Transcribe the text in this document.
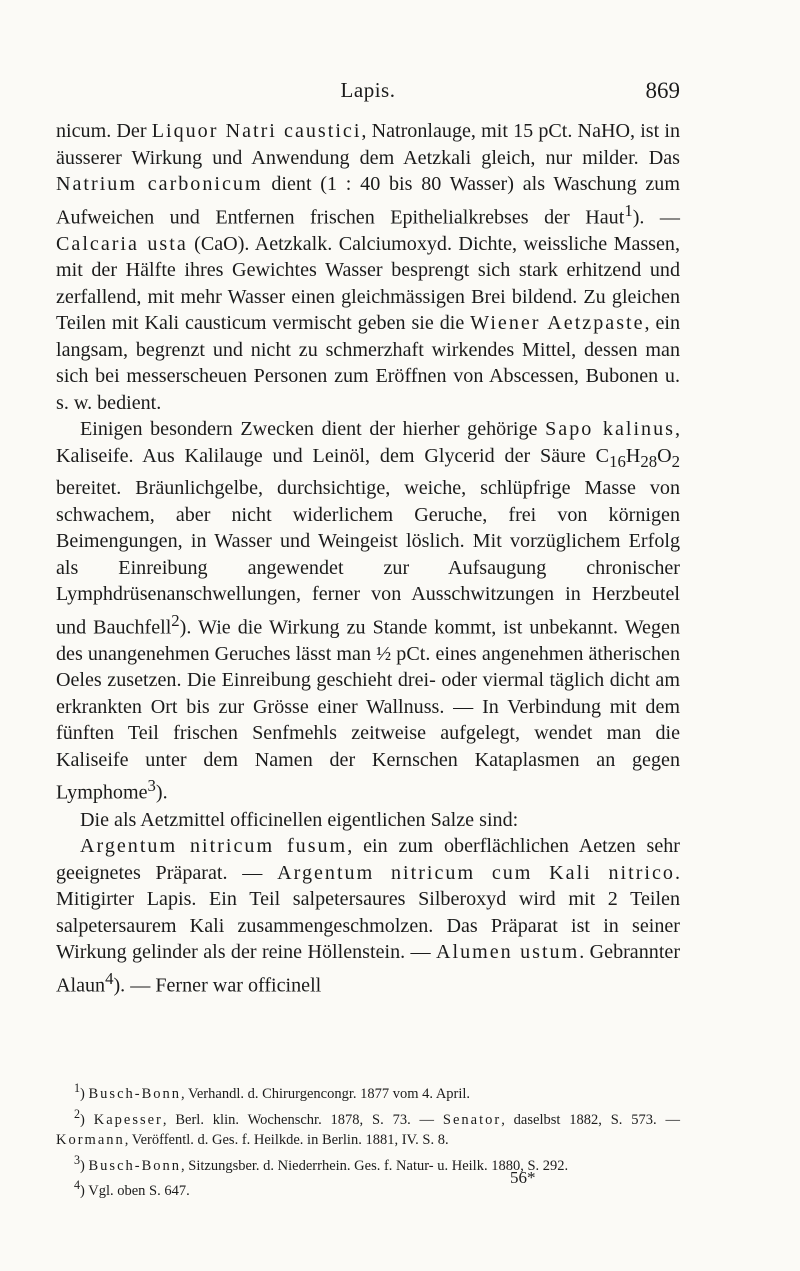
Lapis.	869

nicum. Der Liquor Natri caustici, Natronlauge, mit 15 pCt. NaHO, ist in äusserer Wirkung und Anwendung dem Aetzkali gleich, nur milder. Das Natrium carbonicum dient (1 : 40 bis 80 Wasser) als Waschung zum Aufweichen und Entfernen frischen Epithelialkrebses der Haut$^1$). — Calcaria usta (CaO). Aetzkalk. Calciumoxyd. Dichte, weissliche Massen, mit der Hälfte ihres Gewichtes Wasser besprengt sich stark erhitzend und zerfallend, mit mehr Wasser einen gleichmässigen Brei bildend. Zu gleichen Teilen mit Kali causticum vermischt geben sie die Wiener Aetzpaste, ein langsam, begrenzt und nicht zu schmerzhaft wirkendes Mittel, dessen man sich bei messerscheuen Personen zum Eröffnen von Abscessen, Bubonen u. s. w. bedient.

Einigen besondern Zwecken dient der hierher gehörige Sapo kalinus, Kaliseife. Aus Kalilauge und Leinöl, dem Glycerid der Säure $C_{16}H_{28}O_2$ bereitet. Bräunlichgelbe, durchsichtige, weiche, schlüpfrige Masse von schwachem, aber nicht widerlichem Geruche, frei von körnigen Beimengungen, in Wasser und Weingeist löslich. Mit vorzüglichem Erfolg als Einreibung angewendet zur Aufsaugung chronischer Lymphdrüsenanschwellungen, ferner von Ausschwitzungen in Herzbeutel und Bauchfell$^2$). Wie die Wirkung zu Stande kommt, ist unbekannt. Wegen des unangenehmen Geruches lässt man ½ pCt. eines angenehmen ätherischen Oeles zusetzen. Die Einreibung geschieht drei- oder viermal täglich dicht am erkrankten Ort bis zur Grösse einer Wallnuss. — In Verbindung mit dem fünften Teil frischen Senfmehls zeitweise aufgelegt, wendet man die Kaliseife unter dem Namen der Kernschen Kataplasmen an gegen Lymphome$^3$).

Die als Aetzmittel officinellen eigentlichen Salze sind:

Argentum nitricum fusum, ein zum oberflächlichen Aetzen sehr geeignetes Präparat. — Argentum nitricum cum Kali nitrico. Mitigirter Lapis. Ein Teil salpetersaures Silberoxyd wird mit 2 Teilen salpetersaurem Kali zusammengeschmolzen. Das Präparat ist in seiner Wirkung gelinder als der reine Höllenstein. — Alumen ustum. Gebrannter Alaun$^4$). — Ferner war officinell

$^1$) Busch-Bonn, Verhandl. d. Chirurgencongr. 1877 vom 4. April.

$^2$) Kapesser, Berl. klin. Wochenschr. 1878, S. 73. — Senator, daselbst 1882, S. 573. — Kormann, Veröffentl. d. Ges. f. Heilkde. in Berlin. 1881, IV. S. 8.

$^3$) Busch-Bonn, Sitzungsber. d. Niederrhein. Ges. f. Natur- u. Heilk. 1880, S. 292.

$^4$) Vgl. oben S. 647.

56*
